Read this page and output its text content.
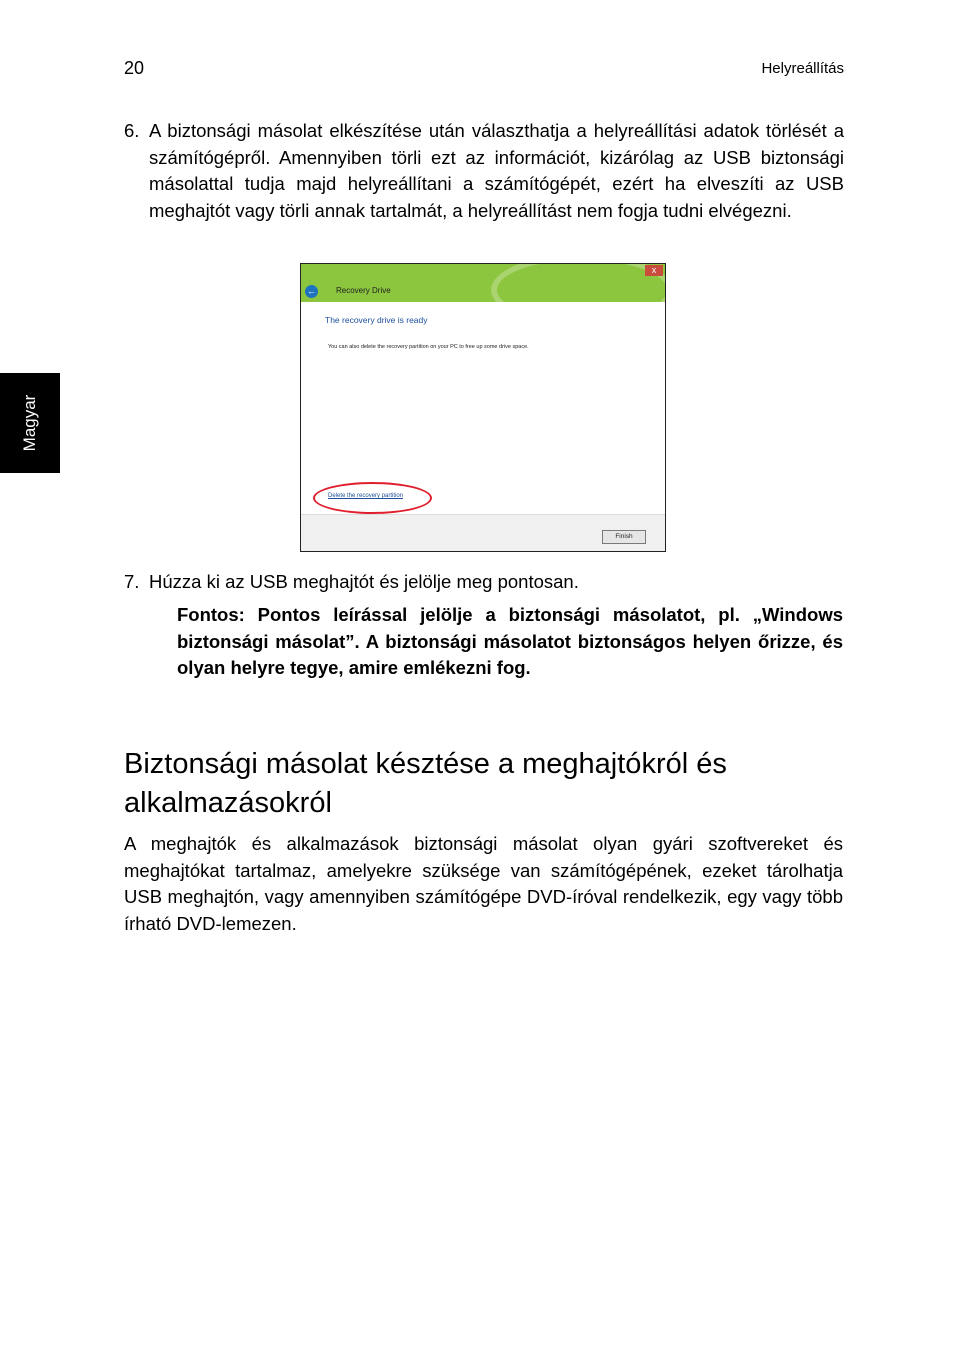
20	Helyreállítás
Magyar
6. A biztonsági másolat elkészítése után választhatja a helyreállítási adatok törlését a számítógépről. Amennyiben törli ezt az információt, kizárólag az USB biztonsági másolattal tudja majd helyreállítani a számítógépét, ezért ha elveszíti az USB meghajtót vagy törli annak tartalmát, a helyreállítást nem fogja tudni elvégezni.
x
←	Recovery Drive
The recovery drive is ready
You can also delete the recovery partition on your PC to free up some drive space.
Delete the recovery partition
Finish
7. Húzza ki az USB meghajtót és jelölje meg pontosan.
Fontos: Pontos leírással jelölje a biztonsági másolatot, pl. „Windows biztonsági másolat”. A biztonsági másolatot biztonságos helyen őrizze, és olyan helyre tegye, amire emlékezni fog.
Biztonsági másolat késztése a meghajtókról és alkalmazásokról
A meghajtók és alkalmazások biztonsági másolat olyan gyári szoftvereket és meghajtókat tartalmaz, amelyekre szüksége van számítógépének, ezeket tárolhatja USB meghajtón, vagy amennyiben számítógépe DVD-íróval rendelkezik, egy vagy több írható DVD-lemezen.
